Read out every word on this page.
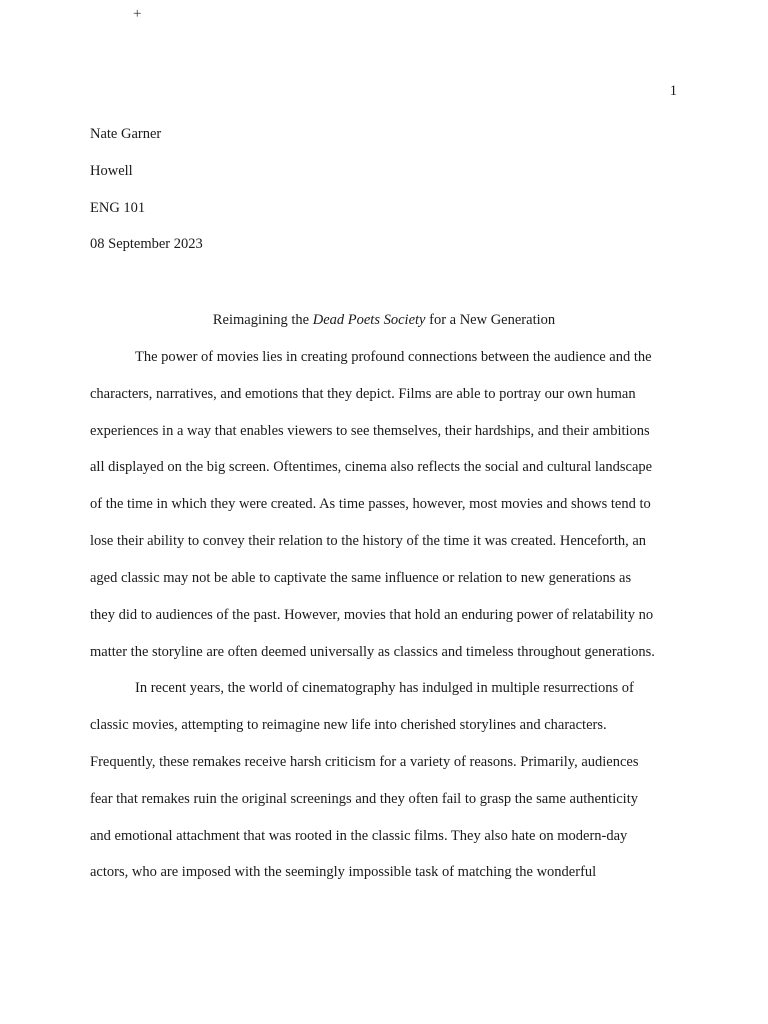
+
1
Nate Garner
Howell
ENG 101
08 September 2023
Reimagining the Dead Poets Society for a New Generation
The power of movies lies in creating profound connections between the audience and the
characters, narratives, and emotions that they depict. Films are able to portray our own human
experiences in a way that enables viewers to see themselves, their hardships, and their ambitions
all displayed on the big screen. Oftentimes, cinema also reflects the social and cultural landscape
of the time in which they were created. As time passes, however, most movies and shows tend to
lose their ability to convey their relation to the history of the time it was created. Henceforth, an
aged classic may not be able to captivate the same influence or relation to new generations as
they did to audiences of the past. However, movies that hold an enduring power of relatability no
matter the storyline are often deemed universally as classics and timeless throughout generations.
In recent years, the world of cinematography has indulged in multiple resurrections of
classic movies, attempting to reimagine new life into cherished storylines and characters.
Frequently, these remakes receive harsh criticism for a variety of reasons. Primarily, audiences
fear that remakes ruin the original screenings and they often fail to grasp the same authenticity
and emotional attachment that was rooted in the classic films. They also hate on modern-day
actors, who are imposed with the seemingly impossible task of matching the wonderful
